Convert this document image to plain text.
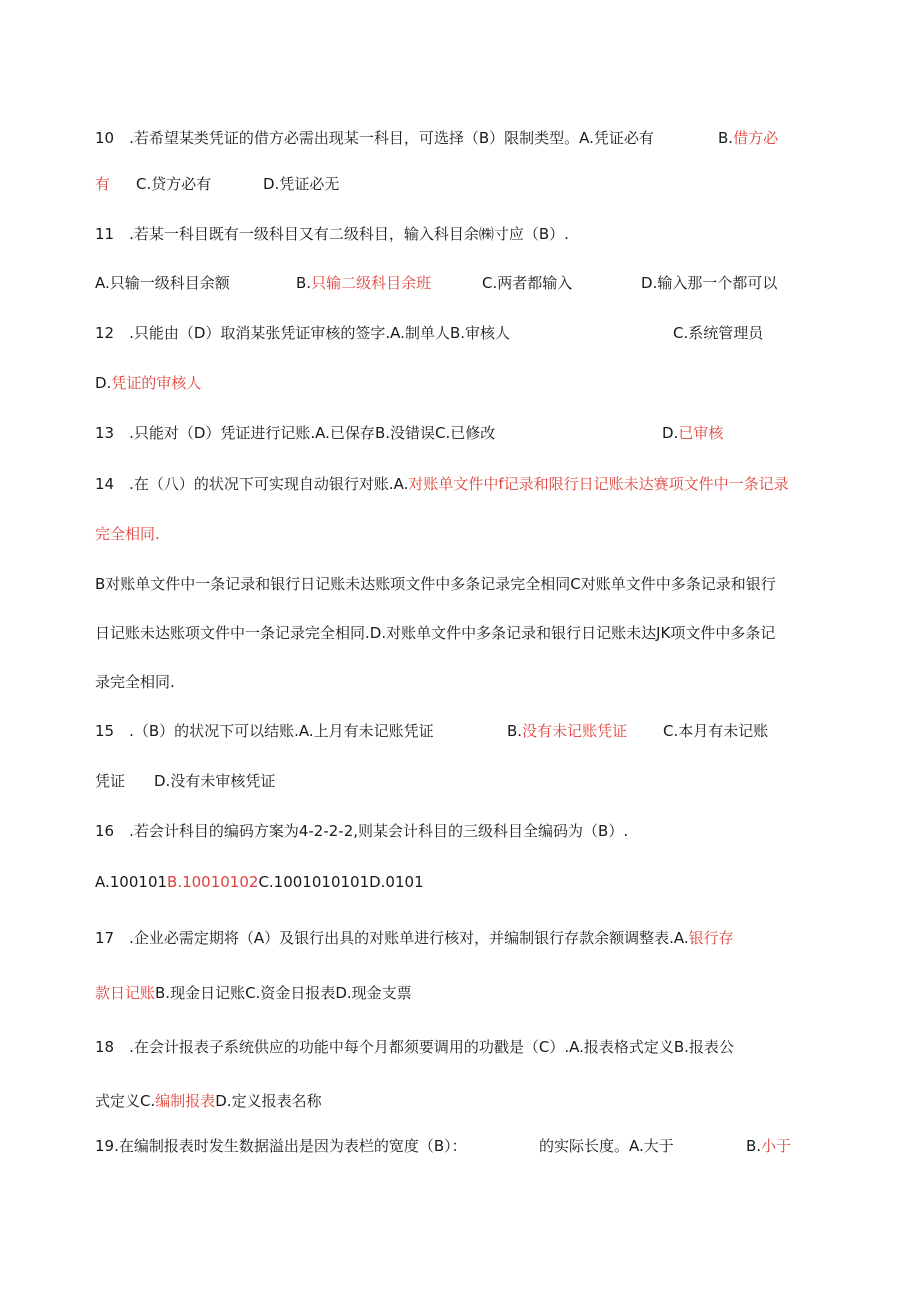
10　.若希望某类凭证的借方必需出现某一科目，可选择（B）限制类型。A.凭证必有	B.借方必
有 C.贷方必有	D.凭证必无
11　.若某一科目既有一级科目又有二级科目，输入科目余㈱寸应（B）.
A.只输一级科目余额	B.只输二级科目余班	C.两者都输入	D.输入那一个都可以
12　.只能由（D）取消某张凭证审核的签字.A.制单人B.审核人	C.系统管理员
D.凭证的审核人
13　.只能对（D）凭证进行记账.A.已保存B.没错误C.已修改	D.已审核
14　.在（八）的状况下可实现自动银行对账.A.对账单文件中f记录和限行日记账未达赛项文件中一条记录
完全相同.
B对账单文件中一条记录和银行日记账未达账项文件中多条记录完全相同C对账单文件中多条记录和银行
日记账未达账项文件中一条记录完全相同.D.对账单文件中多条记录和银行日记账未达JK项文件中多条记
录完全相同.
15　.（B）的状况下可以结账.A.上月有未记账凭证	B.没有未记账凭证 C.本月有未记账
凭证 D.没有未审核凭证
16　.若会计科目的编码方案为4-2-2-2,则某会计科目的三级科目全编码为（B）.
A.100101B.10010102C.1001010101D.0101
17　.企业必需定期将（A）及银行出具的对账单进行核对，并编制银行存款余额调整表.A.银行存
款日记账B.现金日记账C.资金日报表D.现金支票
18　.在会计报表子系统供应的功能中每个月都须要调用的功戳是（C）.A.报表格式定义B.报表公
式定义C.编制报表D.定义报表名称
19.在编制报表时发生数据溢出是因为表栏的宽度（B）：	的实际长度。A.大于	B.小于
